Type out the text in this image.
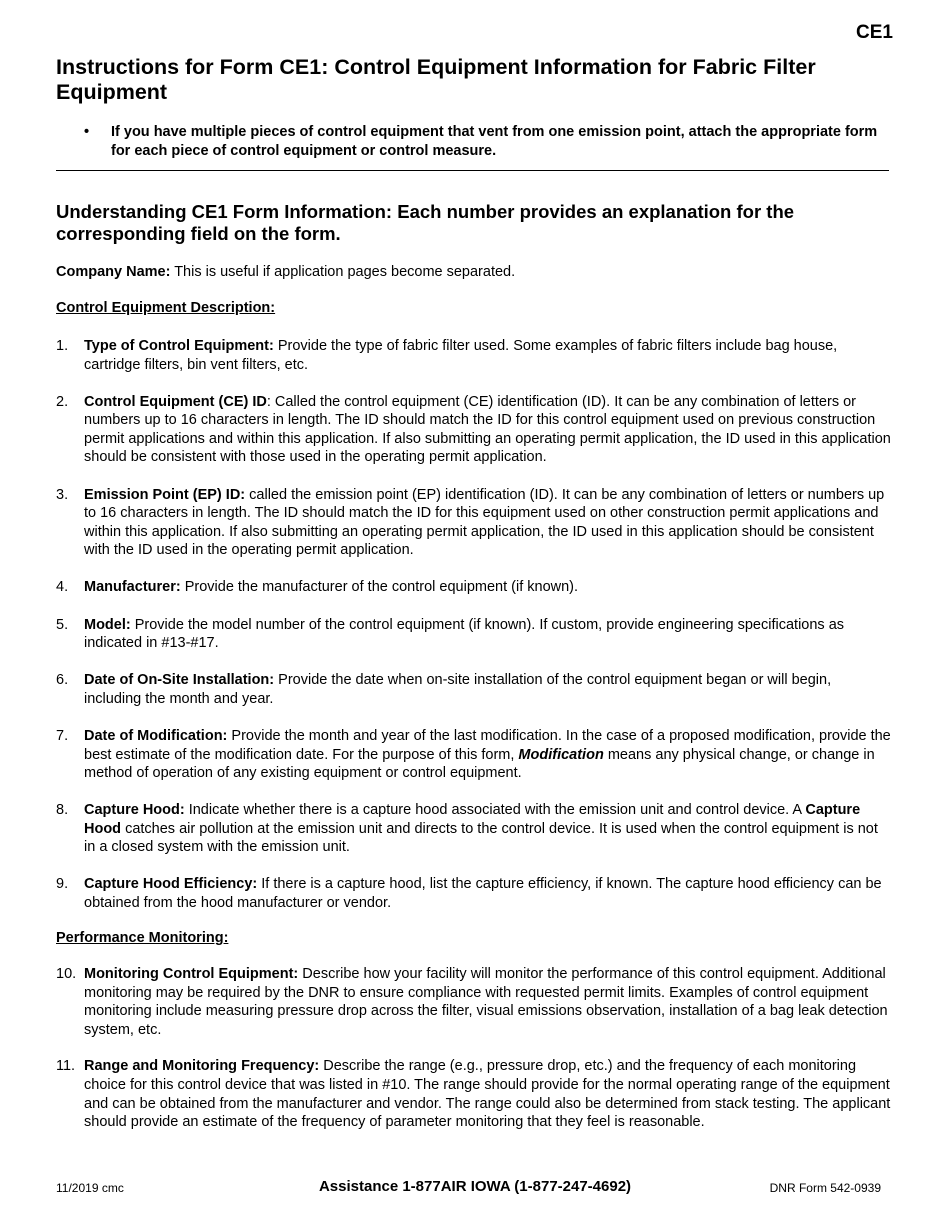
CE1
Instructions for Form CE1: Control Equipment Information for Fabric Filter Equipment
•	If you have multiple pieces of control equipment that vent from one emission point, attach the appropriate form for each piece of control equipment or control measure.
Understanding CE1 Form Information: Each number provides an explanation for the corresponding field on the form.
Company Name: This is useful if application pages become separated.
Control Equipment Description:
1. Type of Control Equipment: Provide the type of fabric filter used. Some examples of fabric filters include bag house, cartridge filters, bin vent filters, etc.
2. Control Equipment (CE) ID: Called the control equipment (CE) identification (ID). It can be any combination of letters or numbers up to 16 characters in length. The ID should match the ID for this control equipment used on previous construction permit applications and within this application. If also submitting an operating permit application, the ID used in this application should be consistent with those used in the operating permit application.
3. Emission Point (EP) ID: called the emission point (EP) identification (ID). It can be any combination of letters or numbers up to 16 characters in length. The ID should match the ID for this equipment used on other construction permit applications and within this application. If also submitting an operating permit application, the ID used in this application should be consistent with the ID used in the operating permit application.
4. Manufacturer: Provide the manufacturer of the control equipment (if known).
5. Model: Provide the model number of the control equipment (if known). If custom, provide engineering specifications as indicated in #13-#17.
6. Date of On-Site Installation: Provide the date when on-site installation of the control equipment began or will begin, including the month and year.
7. Date of Modification: Provide the month and year of the last modification. In the case of a proposed modification, provide the best estimate of the modification date. For the purpose of this form, Modification means any physical change, or change in method of operation of any existing equipment or control equipment.
8. Capture Hood: Indicate whether there is a capture hood associated with the emission unit and control device. A Capture Hood catches air pollution at the emission unit and directs to the control device. It is used when the control equipment is not in a closed system with the emission unit.
9. Capture Hood Efficiency: If there is a capture hood, list the capture efficiency, if known. The capture hood efficiency can be obtained from the hood manufacturer or vendor.
Performance Monitoring:
10. Monitoring Control Equipment: Describe how your facility will monitor the performance of this control equipment. Additional monitoring may be required by the DNR to ensure compliance with requested permit limits. Examples of control equipment monitoring include measuring pressure drop across the filter, visual emissions observation, installation of a bag leak detection system, etc.
11. Range and Monitoring Frequency: Describe the range (e.g., pressure drop, etc.) and the frequency of each monitoring choice for this control device that was listed in #10. The range should provide for the normal operating range of the equipment and can be obtained from the manufacturer and vendor. The range could also be determined from stack testing. The applicant should provide an estimate of the frequency of parameter monitoring that they feel is reasonable.
11/2019 cmc	Assistance 1-877AIR IOWA (1-877-247-4692)	DNR Form 542-0939
